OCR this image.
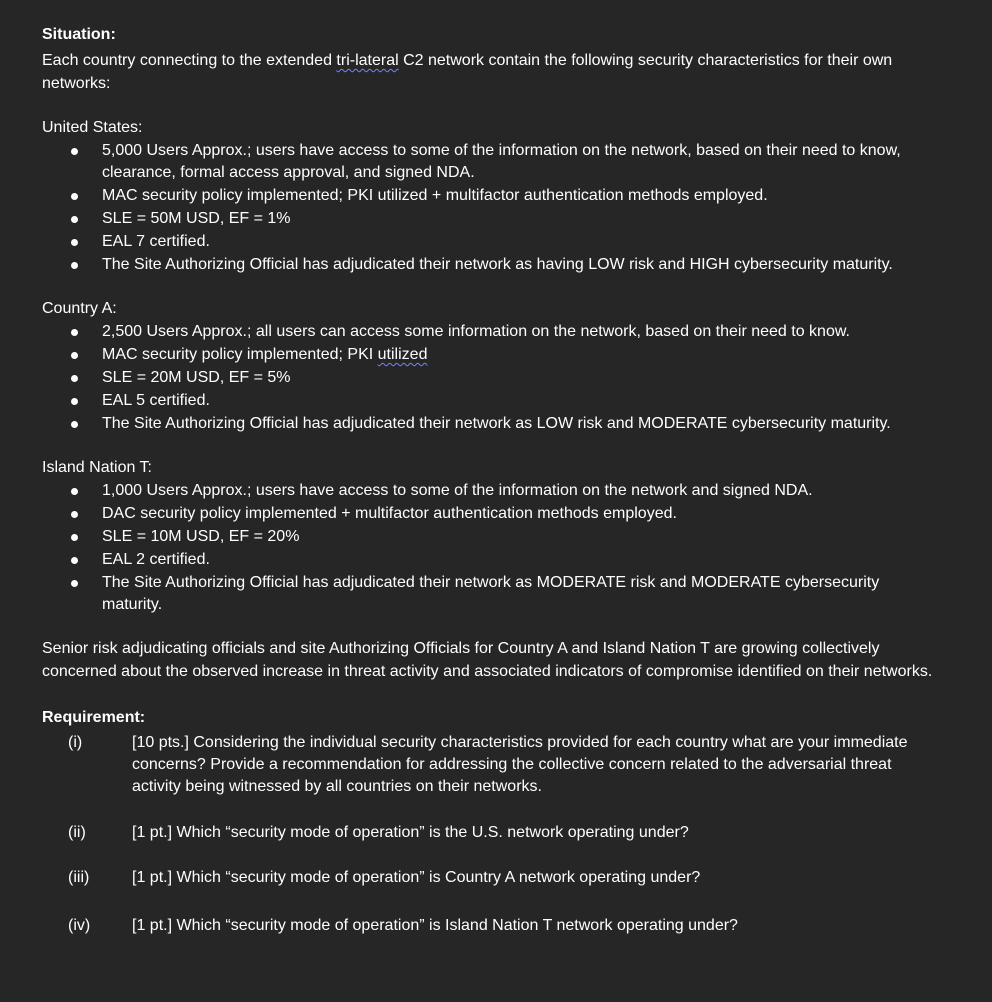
Situation:

Each country connecting to the extended tri-lateral C2 network contain the following security characteristics for their own networks:

United States:
5,000 Users Approx.; users have access to some of the information on the network, based on their need to know, clearance, formal access approval, and signed NDA.
MAC security policy implemented; PKI utilized + multifactor authentication methods employed.
SLE = 50M USD, EF = 1%
EAL 7 certified.
The Site Authorizing Official has adjudicated their network as having LOW risk and HIGH cybersecurity maturity.
Country A:
2,500 Users Approx.; all users can access some information on the network, based on their need to know.
MAC security policy implemented; PKI utilized
SLE = 20M USD, EF = 5%
EAL 5 certified.
The Site Authorizing Official has adjudicated their network as LOW risk and MODERATE cybersecurity maturity.
Island Nation T:
1,000 Users Approx.; users have access to some of the information on the network and signed NDA.
DAC security policy implemented + multifactor authentication methods employed.
SLE = 10M USD, EF = 20%
EAL 2 certified.
The Site Authorizing Official has adjudicated their network as MODERATE risk and MODERATE cybersecurity maturity.

Senior risk adjudicating officials and site Authorizing Officials for Country A and Island Nation T are growing collectively concerned about the observed increase in threat activity and associated indicators of compromise identified on their networks.

Requirement:
(i)	[10 pts.] Considering the individual security characteristics provided for each country what are your immediate concerns? Provide a recommendation for addressing the collective concern related to the adversarial threat activity being witnessed by all countries on their networks.
(ii)	[1 pt.] Which “security mode of operation” is the U.S. network operating under?
(iii)	[1 pt.] Which “security mode of operation” is Country A network operating under?
(iv)	[1 pt.] Which “security mode of operation” is Island Nation T network operating under?
